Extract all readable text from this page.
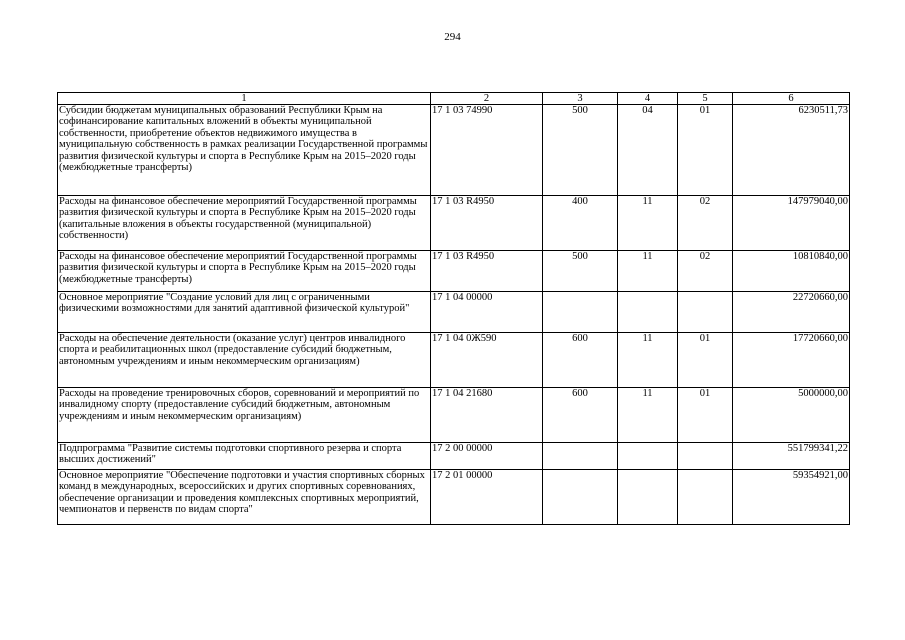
294
1	2	3	4	5	6
Субсидии бюджетам муниципальных образований Республики Крым на софинансирование капитальных вложений в объекты муниципальной собственности, приобретение объектов недвижимого имущества в муниципальную собственность в рамках реализации Государственной программы развития физической культуры и спорта в Республике Крым на 2015–2020 годы (межбюджетные трансферты)	17 1 03 74990	500	04	01	6230511,73
Расходы на финансовое обеспечение мероприятий Государственной программы развития физической культуры и спорта в Республике Крым на 2015–2020 годы (капитальные вложения в объекты государственной (муниципальной) собственности)	17 1 03 R4950	400	11	02	147979040,00
Расходы на финансовое обеспечение мероприятий Государственной программы развития физической культуры и спорта в Республике Крым на 2015–2020 годы (межбюджетные трансферты)	17 1 03 R4950	500	11	02	10810840,00
Основное мероприятие "Создание условий для лиц с ограниченными физическими возможностями для занятий адаптивной физической культурой"	17 1 04 00000				22720660,00
Расходы на обеспечение деятельности (оказание услуг) центров инвалидного спорта и реабилитационных школ (предоставление субсидий бюджетным, автономным учреждениям и иным некоммерческим организациям)	17 1 04 0Ж590	600	11	01	17720660,00
Расходы на проведение тренировочных сборов, соревнований и мероприятий по инвалидному спорту (предоставление субсидий бюджетным, автономным учреждениям и иным некоммерческим организациям)	17 1 04 21680	600	11	01	5000000,00
Подпрограмма "Развитие системы подготовки спортивного резерва и спорта высших достижений"	17 2 00 00000				551799341,22
Основное мероприятие "Обеспечение подготовки и участия спортивных сборных команд в международных, всероссийских и других спортивных соревнованиях, обеспечение организации и проведения комплексных спортивных мероприятий, чемпионатов и первенств по видам спорта"	17 2 01 00000				59354921,00
